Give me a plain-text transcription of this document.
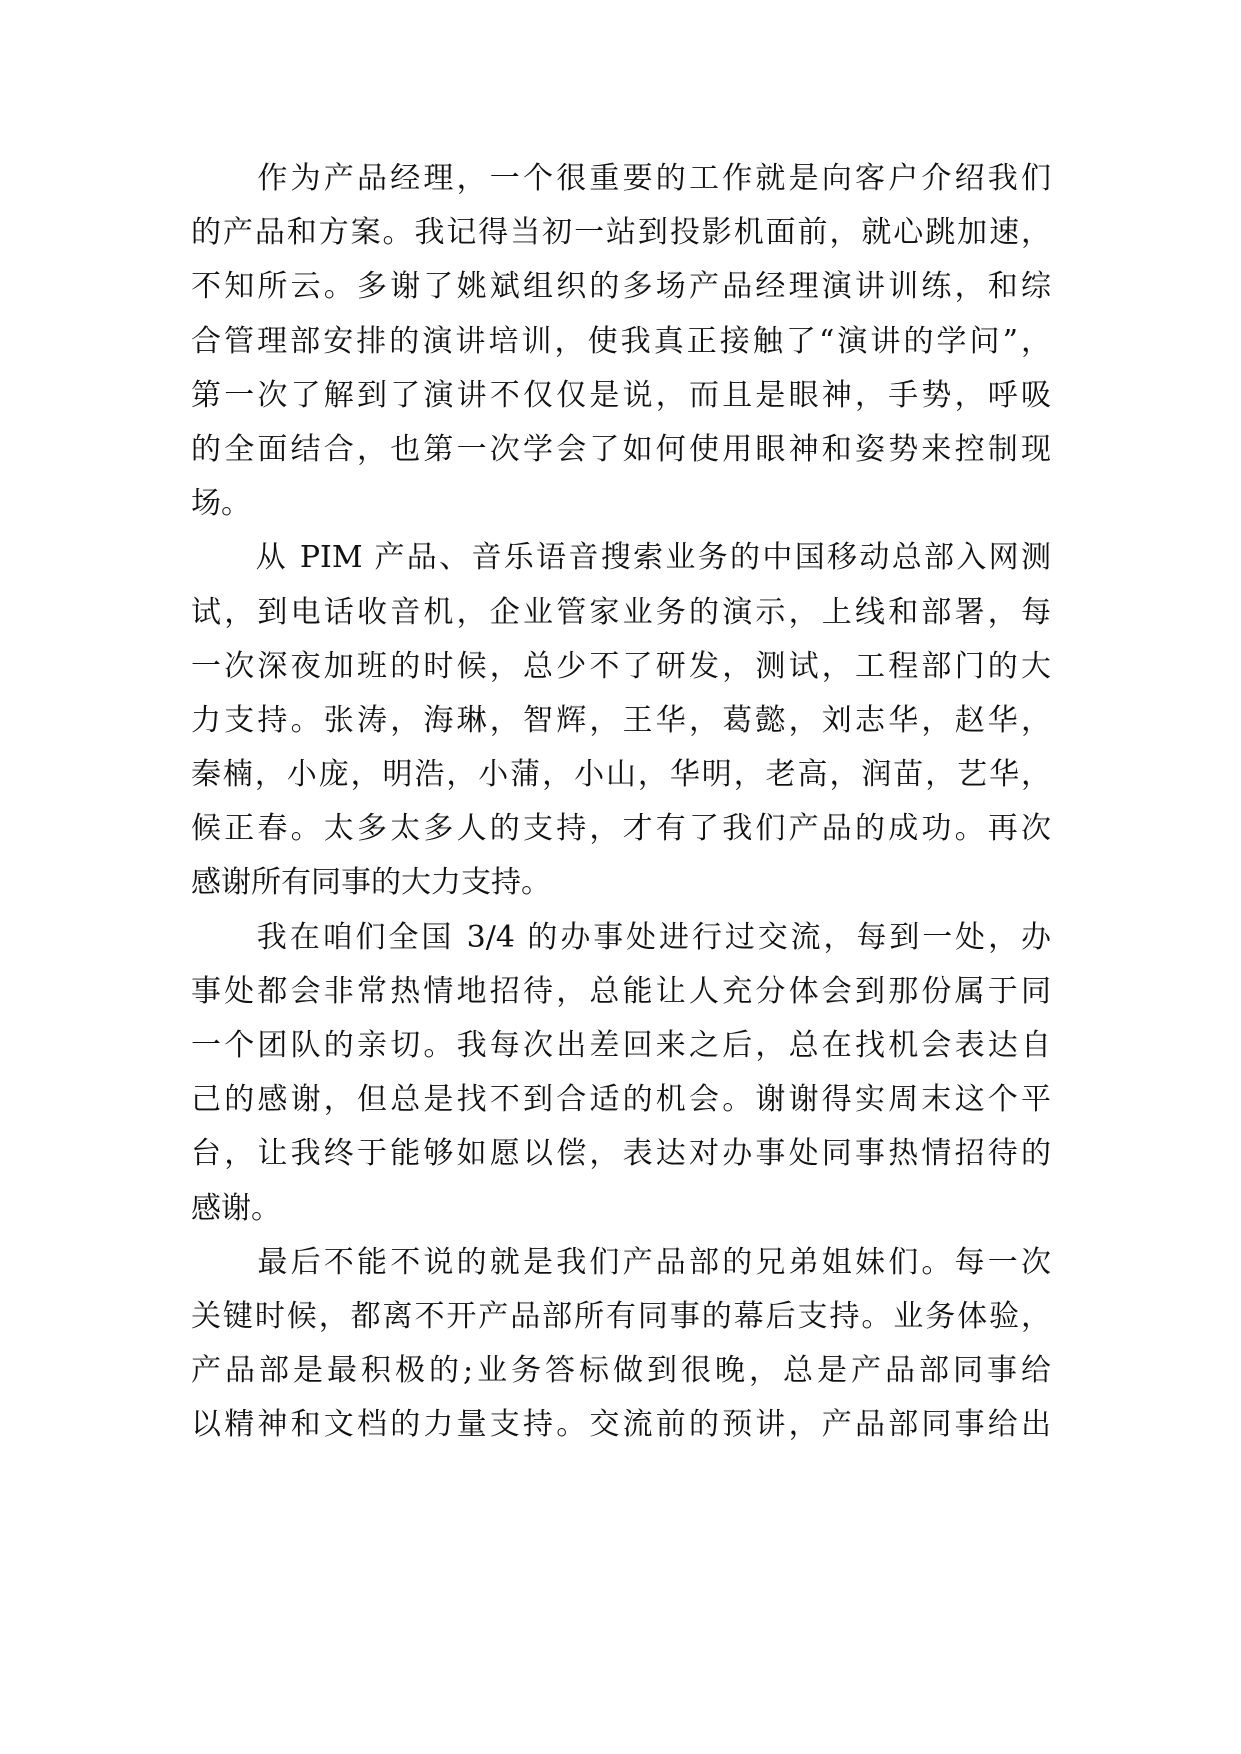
　　作为产品经理，一个很重要的工作就是向客户介绍我们
的产品和方案。我记得当初一站到投影机面前，就心跳加速，
不知所云。多谢了姚斌组织的多场产品经理演讲训练，和综
合管理部安排的演讲培训，使我真正接触了“演讲的学问”，
第一次了解到了演讲不仅仅是说，而且是眼神，手势，呼吸
的全面结合，也第一次学会了如何使用眼神和姿势来控制现
场。
　　从 PIM 产品、音乐语音搜索业务的中国移动总部入网测
试，到电话收音机，企业管家业务的演示，上线和部署，每
一次深夜加班的时候，总少不了研发，测试，工程部门的大
力支持。张涛，海琳，智辉，王华，葛懿，刘志华，赵华，
秦楠，小庞，明浩，小蒲，小山，华明，老高，润苗，艺华，
候正春。太多太多人的支持，才有了我们产品的成功。再次
感谢所有同事的大力支持。
　　我在咱们全国 3/4 的办事处进行过交流，每到一处，办
事处都会非常热情地招待，总能让人充分体会到那份属于同
一个团队的亲切。我每次出差回来之后，总在找机会表达自
己的感谢，但总是找不到合适的机会。谢谢得实周末这个平
台，让我终于能够如愿以偿，表达对办事处同事热情招待的
感谢。
　　最后不能不说的就是我们产品部的兄弟姐妹们。每一次
关键时候，都离不开产品部所有同事的幕后支持。业务体验，
产品部是最积极的;业务答标做到很晚，总是产品部同事给
以精神和文档的力量支持。交流前的预讲，产品部同事给出
